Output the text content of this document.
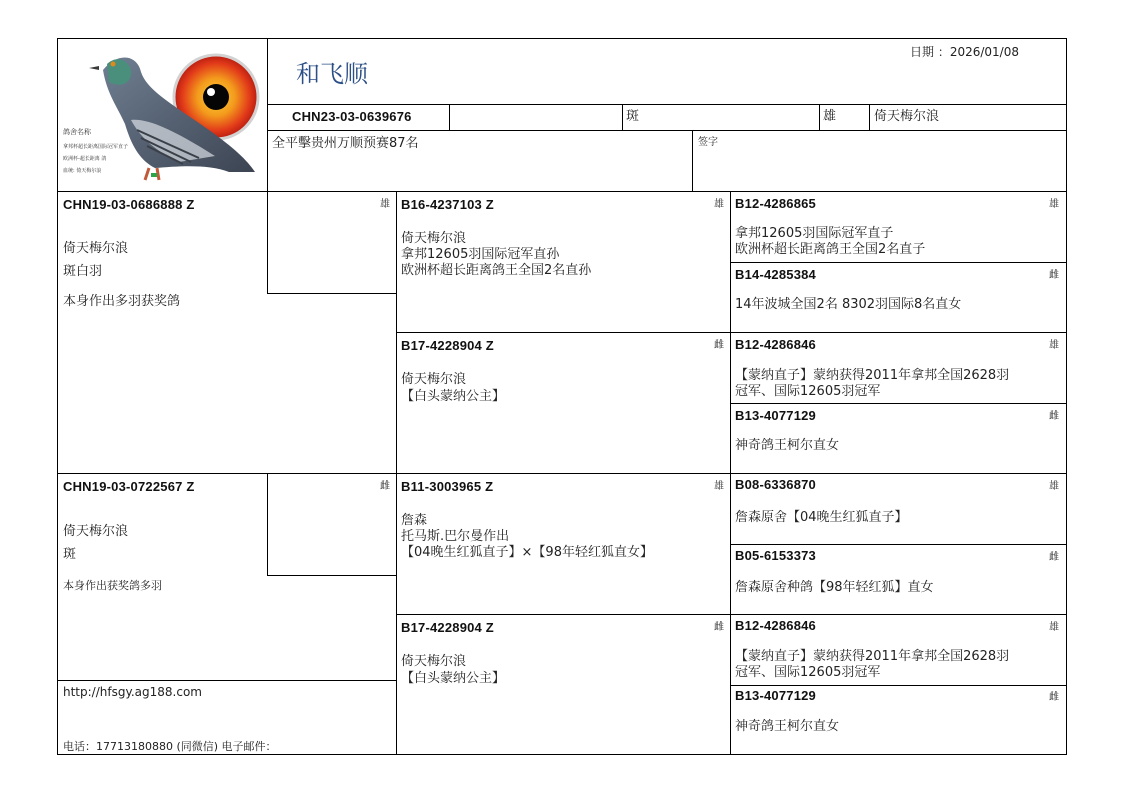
鸽舍名称
拿邦杯超长距离国际冠军直子
欧洲杯-超长距离 鸽
血统: 倚天梅尔浪
和飞顺
日期 ：2026/01/08
CHN23-03-0639676	斑	雄	倚天梅尔浪
全平擊贵州万顺预赛87名	签字
CHN19-03-0686888 Z
倚天梅尔浪
斑白羽
本身作出多羽获奖鸽
雄
CHN19-03-0722567 Z
倚天梅尔浪
斑
本身作出获奖鸽多羽
雌
http://hfsgy.ag188.com
电话：17713180880 (同微信) 电子邮件：
B16-4237103 Z	雄
倚天梅尔浪
拿邦12605羽国际冠军直孙
欧洲杯超长距离鸽王全国2名直孙
B17-4228904 Z	雌
倚天梅尔浪
【白头蒙纳公主】
B11-3003965 Z	雄
詹森
托马斯.巴尔曼作出
【04晚生红狐直子】×【98年轻红狐直女】
B17-4228904 Z	雌
倚天梅尔浪
【白头蒙纳公主】
B12-4286865	雄
拿邦12605羽国际冠军直子
欧洲杯超长距离鸽王全国2名直子
B14-4285384	雌
14年波城全国2名 8302羽国际8名直女
B12-4286846	雄
【蒙纳直子】蒙纳获得2011年拿邦全国2628羽
冠军、国际12605羽冠军
B13-4077129	雌
神奇鸽王柯尔直女
B08-6336870	雄
詹森原舍【04晚生红狐直子】
B05-6153373	雌
詹森原舍种鸽【98年轻红狐】直女
B12-4286846	雄
【蒙纳直子】蒙纳获得2011年拿邦全国2628羽
冠军、国际12605羽冠军
B13-4077129	雌
神奇鸽王柯尔直女
